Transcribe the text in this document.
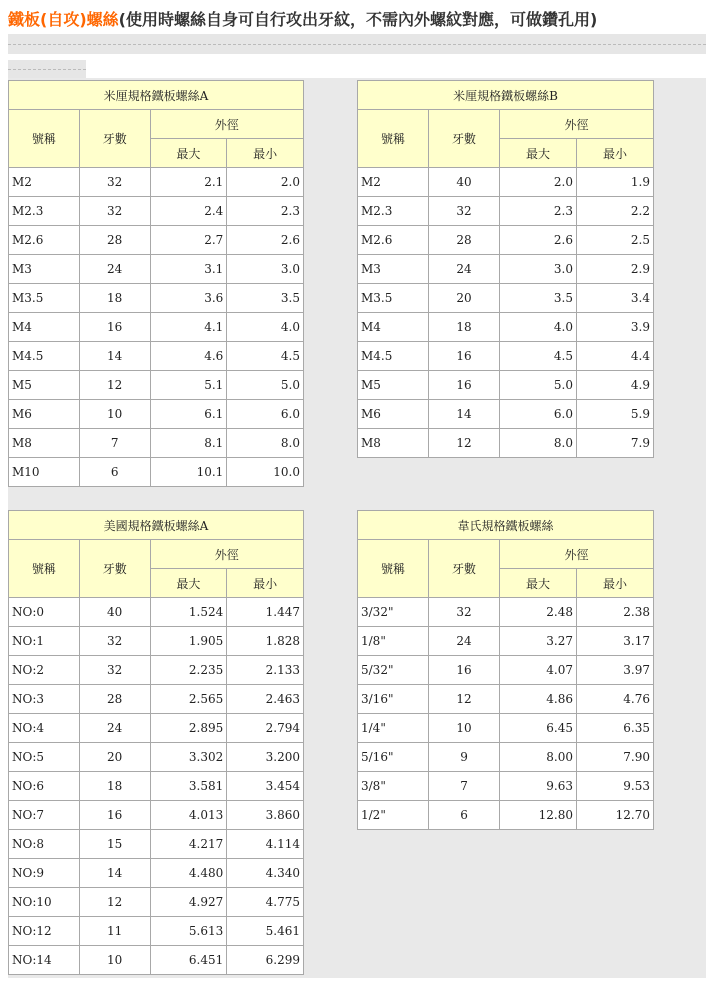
鐵板(自攻)螺絲(使用時螺絲自身可自行攻出牙紋，不需內外螺紋對應，可做鑽孔用)
米厘規格鐵板螺絲A			
號稱	牙數	外徑	
		最大	最小
M2	32	2.1	2.0
M2.3	32	2.4	2.3
M2.6	28	2.7	2.6
M3	24	3.1	3.0
M3.5	18	3.6	3.5
M4	16	4.1	4.0
M4.5	14	4.6	4.5
M5	12	5.1	5.0
M6	10	6.1	6.0
M8	7	8.1	8.0
M10	6	10.1	10.0
米厘規格鐵板螺絲B			
號稱	牙數	外徑	
		最大	最小
M2	40	2.0	1.9
M2.3	32	2.3	2.2
M2.6	28	2.6	2.5
M3	24	3.0	2.9
M3.5	20	3.5	3.4
M4	18	4.0	3.9
M4.5	16	4.5	4.4
M5	16	5.0	4.9
M6	14	6.0	5.9
M8	12	8.0	7.9
美國規格鐵板螺絲A			
號稱	牙數	外徑	
		最大	最小
NO:0	40	1.524	1.447
NO:1	32	1.905	1.828
NO:2	32	2.235	2.133
NO:3	28	2.565	2.463
NO:4	24	2.895	2.794
NO:5	20	3.302	3.200
NO:6	18	3.581	3.454
NO:7	16	4.013	3.860
NO:8	15	4.217	4.114
NO:9	14	4.480	4.340
NO:10	12	4.927	4.775
NO:12	11	5.613	5.461
NO:14	10	6.451	6.299
韋氏規格鐵板螺絲			
號稱	牙數	外徑	
		最大	最小
3/32"	32	2.48	2.38
1/8"	24	3.27	3.17
5/32"	16	4.07	3.97
3/16"	12	4.86	4.76
1/4"	10	6.45	6.35
5/16"	9	8.00	7.90
3/8"	7	9.63	9.53
1/2"	6	12.80	12.70
